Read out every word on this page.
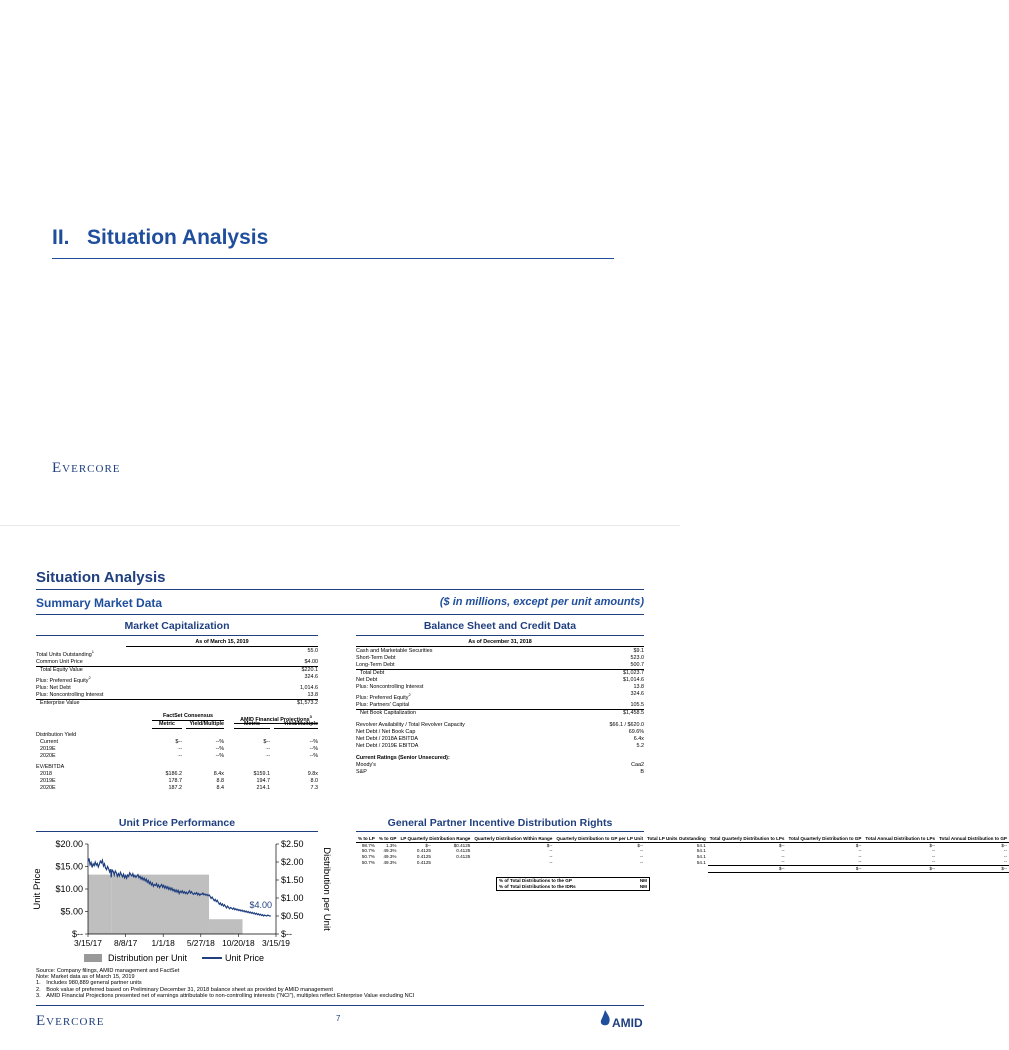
II. Situation Analysis
EVERCORE
Situation Analysis
Summary Market Data	($ in millions, except per unit amounts)
Market Capitalization
As of March 15, 2019
Total Units Outstanding$^1$	55.0
Common Unit Price	$4.00
Total Equity Value	$220.1
Plus: Preferred Equity$^2$	324.6
Plus: Net Debt	1,014.6
Plus: Noncontrolling Interest	13.8
Enterprise Value	$1,573.2
FactSet Consensus
AMID Financial Projections$^3$
Metric	Yield/Multiple	Metric	Yield/Multiple
Distribution Yield
Current	$--	--%	$--	--%
2019E	--	--%	--	--%
2020E	--	--%	--	--%
EV/EBITDA
2018	$186.2	8.4x	$159.1	9.8x
2019E	178.7	8.8	194.7	8.0
2020E	187.2	8.4	214.1	7.3
Balance Sheet and Credit Data
As of December 31, 2018
Cash and Marketable Securities	$9.1
Short-Term Debt	523.0
Long-Term Debt	500.7
Total Debt	$1,023.7
Net Debt	$1,014.6
Plus: Noncontrolling Interest	13.8
Plus: Preferred Equity$^2$	324.6
Plus: Partners' Capital	105.5
Net Book Capitalization	$1,458.5
Revolver Availability / Total Revolver Capacity	$66.1 / $620.0
Net Debt / Net Book Cap	69.6%
Net Debt / 2018A EBITDA	6.4x
Net Debt / 2019E EBITDA	5.2
Current Ratings (Senior Unsecured):
Moody's	Caa2
S&P	B
Unit Price Performance
$--
$5.00
$10.00
$15.00
$20.00
$--
$0.50
$1.00
$1.50
$2.00
$2.50
3/15/17 8/8/17 1/1/18 5/27/18 10/20/18 3/15/19
$4.00
Unit Price	Distribution per Unit
Distribution per Unit	Unit Price
General Partner Incentive Distribution Rights
% to LP	% to GP	LP Quarterly Distribution Range		Quarterly Distribution Within Range	Quarterly Distribution to GP per LP Unit	Total LP Units Outstanding	Total Quarterly Distribution to LPs	Total Quarterly Distribution to GP	Total Annual Distribution to LPs	Total Annual Distribution to GP
98.7%	1.3%	$--	$0.4125	$--	$--	54.1	$--	$--	$--	$--
50.7%	49.3%	0.4125	0.4125	--	--	54.1	--	--	--	--
50.7%	49.3%	0.4125	0.4125	--	--	54.1	--	--	--	--
50.7%	49.3%	0.4125		--	--	54.1	--	--	--	--
							$--	$--	$--	$--
% of Total Distributions to the GP	NM
% of Total Distributions to the IDRs	NM
Source: Company filings, AMID management and FactSet
Note: Market data as of March 15, 2019
1. Includes 980,889 general partner units
2. Book value of preferred based on Preliminary December 31, 2018 balance sheet as provided by AMID management
3. AMID Financial Projections presented net of earnings attributable to non-controlling interests (“NCI”), multiples reflect Enterprise Value excluding NCI
EVERCORE	7	AMID
